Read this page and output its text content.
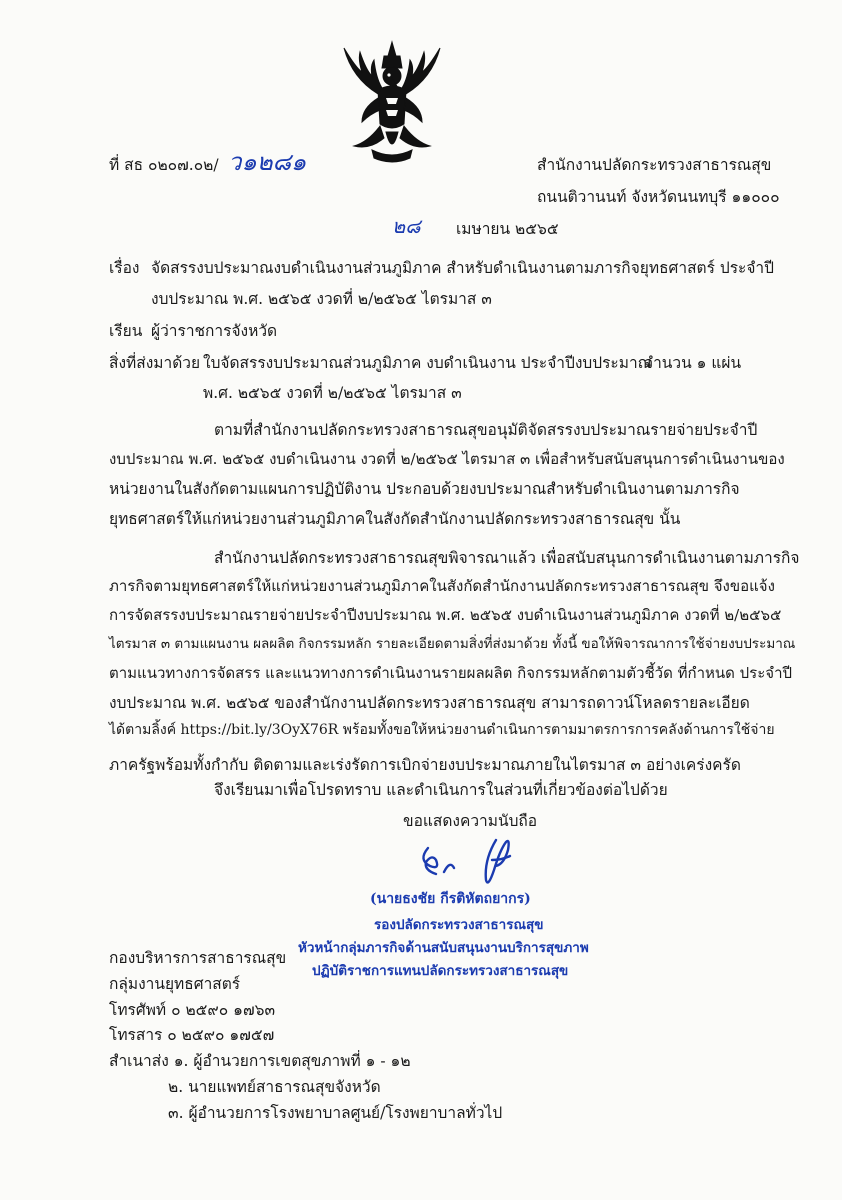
ที่ สธ ๐๒๐๗.๐๒/ ว๑๒๘๑	สำนักงานปลัดกระทรวงสาธารณสุข
ถนนติวานนท์ จังหวัดนนทบุรี ๑๑๐๐๐
๒๘ เมษายน ๒๕๖๕
เรื่อง จัดสรรงบประมาณงบดำเนินงานส่วนภูมิภาค สำหรับดำเนินงานตามภารกิจยุทธศาสตร์ ประจำปี
งบประมาณ พ.ศ. ๒๕๖๕ งวดที่ ๒/๒๕๖๕ ไตรมาส ๓
เรียน ผู้ว่าราชการจังหวัด
สิ่งที่ส่งมาด้วย ใบจัดสรรงบประมาณส่วนภูมิภาค งบดำเนินงาน ประจำปีงบประมาณ
จำนวน ๑ แผ่น
พ.ศ. ๒๕๖๕ งวดที่ ๒/๒๕๖๕ ไตรมาส ๓
ตามที่สำนักงานปลัดกระทรวงสาธารณสุขอนุมัติจัดสรรงบประมาณรายจ่ายประจำปี
งบประมาณ พ.ศ. ๒๕๖๕ งบดำเนินงาน งวดที่ ๒/๒๕๖๕ ไตรมาส ๓ เพื่อสำหรับสนับสนุนการดำเนินงานของ
หน่วยงานในสังกัดตามแผนการปฏิบัติงาน ประกอบด้วยงบประมาณสำหรับดำเนินงานตามภารกิจ
ยุทธศาสตร์ให้แก่หน่วยงานส่วนภูมิภาคในสังกัดสำนักงานปลัดกระทรวงสาธารณสุข นั้น
สำนักงานปลัดกระทรวงสาธารณสุขพิจารณาแล้ว เพื่อสนับสนุนการดำเนินงานตามภารกิจ
ภารกิจตามยุทธศาสตร์ให้แก่หน่วยงานส่วนภูมิภาคในสังกัดสำนักงานปลัดกระทรวงสาธารณสุข จึงขอแจ้ง
การจัดสรรงบประมาณรายจ่ายประจำปีงบประมาณ พ.ศ. ๒๕๖๕ งบดำเนินงานส่วนภูมิภาค งวดที่ ๒/๒๕๖๕
ไตรมาส ๓ ตามแผนงาน ผลผลิต กิจกรรมหลัก รายละเอียดตามสิ่งที่ส่งมาด้วย ทั้งนี้ ขอให้พิจารณาการใช้จ่ายงบประมาณ
ตามแนวทางการจัดสรร และแนวทางการดำเนินงานรายผลผลิต กิจกรรมหลักตามตัวชี้วัด ที่กำหนด ประจำปี
งบประมาณ พ.ศ. ๒๕๖๕ ของสำนักงานปลัดกระทรวงสาธารณสุข สามารถดาวน์โหลดรายละเอียด
ได้ตามลิ้งค์ https://bit.ly/3OyX76R พร้อมทั้งขอให้หน่วยงานดำเนินการตามมาตรการการคลังด้านการใช้จ่าย
ภาครัฐพร้อมทั้งกำกับ ติดตามและเร่งรัดการเบิกจ่ายงบประมาณภายในไตรมาส ๓ อย่างเคร่งครัด
จึงเรียนมาเพื่อโปรดทราบ และดำเนินการในส่วนที่เกี่ยวข้องต่อไปด้วย
ขอแสดงความนับถือ
(นายธงชัย กีรติหัตถยากร)
รองปลัดกระทรวงสาธารณสุข
หัวหน้ากลุ่มภารกิจด้านสนับสนุนงานบริการสุขภาพ
ปฏิบัติราชการแทนปลัดกระทรวงสาธารณสุข
กองบริหารการสาธารณสุข
กลุ่มงานยุทธศาสตร์
โทรศัพท์ ๐ ๒๕๙๐ ๑๗๖๓
โทรสาร ๐ ๒๕๙๐ ๑๗๕๗
สำเนาส่ง ๑. ผู้อำนวยการเขตสุขภาพที่ ๑ - ๑๒
๒. นายแพทย์สาธารณสุขจังหวัด
๓. ผู้อำนวยการโรงพยาบาลศูนย์/โรงพยาบาลทั่วไป
